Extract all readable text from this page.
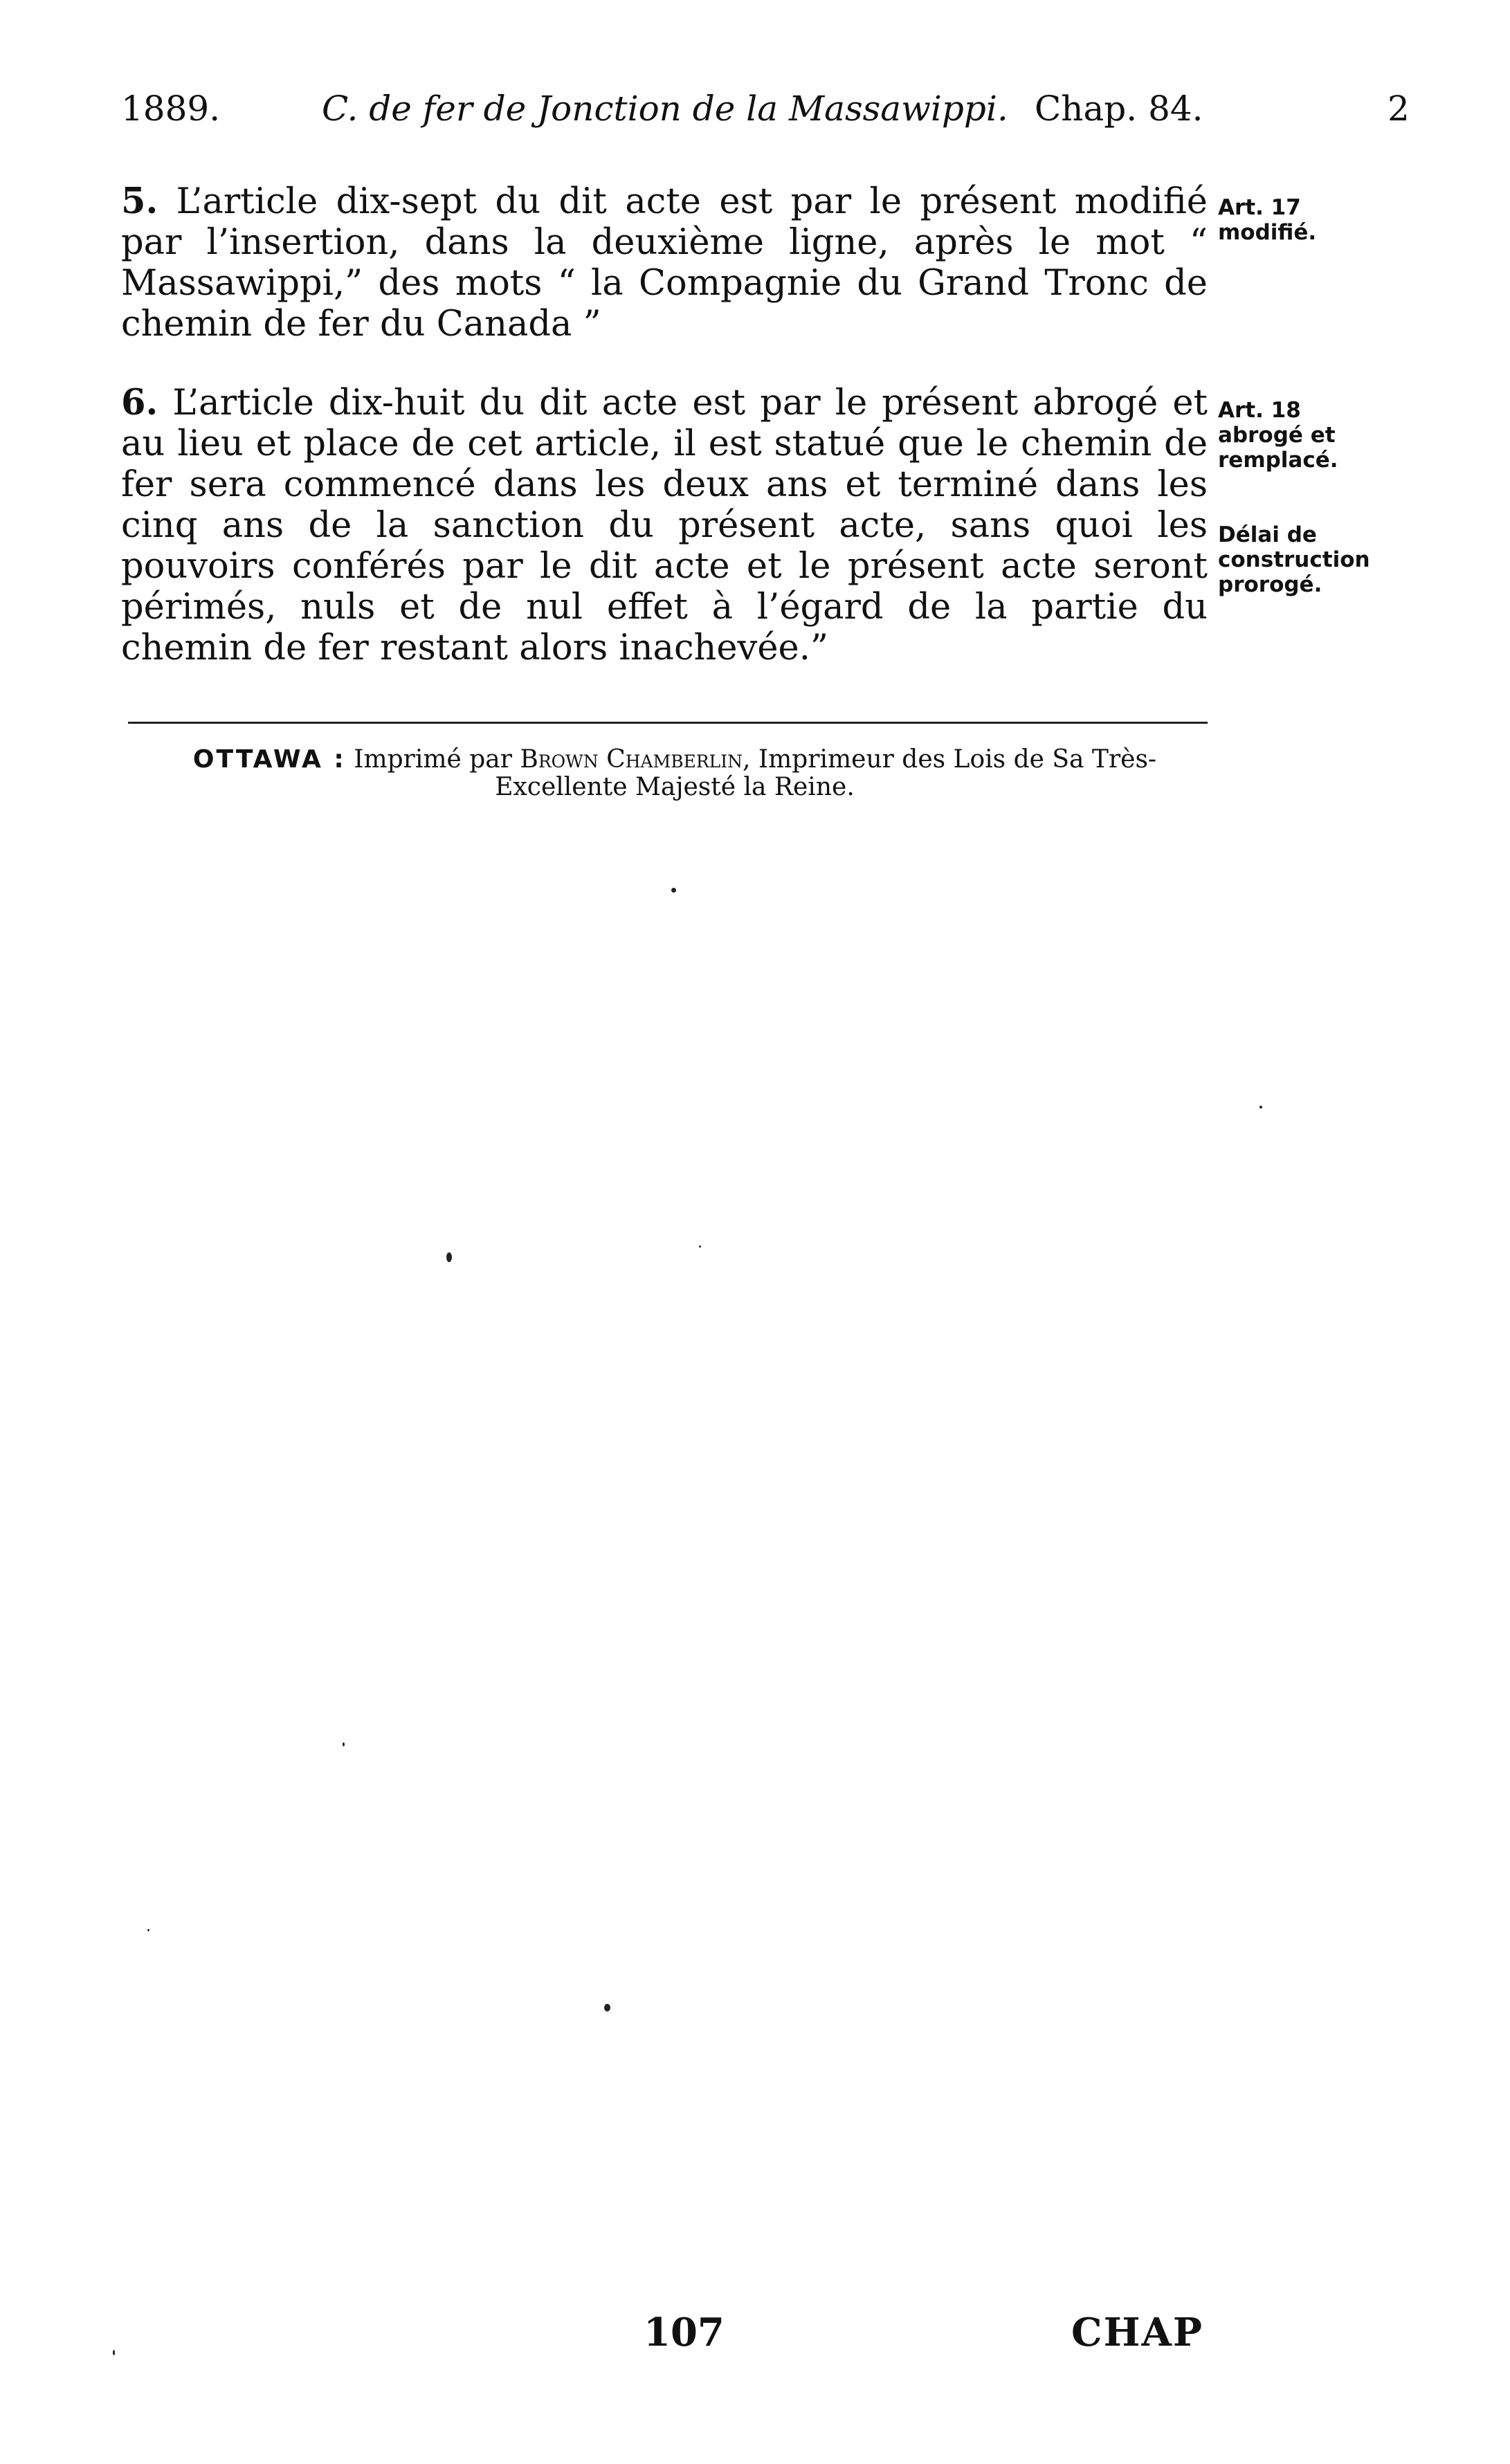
1889.	C. de fer de Jonction de la Massawippi. Chap. 84.	2
5. L’article dix-sept du dit acte est par le présent modifié par l’insertion, dans la deuxième ligne, après le mot “ Massawippi,” des mots “ la Compagnie du Grand Tronc de chemin de fer du Canada ”
Art. 17
modifié.
6. L’article dix-huit du dit acte est par le présent abrogé et au lieu et place de cet article, il est statué que le chemin de fer sera commencé dans les deux ans et terminé dans les cinq ans de la sanction du présent acte, sans quoi les pouvoirs conférés par le dit acte et le présent acte seront périmés, nuls et de nul effet à l’égard de la partie du chemin de fer restant alors inachevée.”
Art. 18
abrogé et
remplacé.
Délai de
construction
prorogé.
OTTAWA : Imprimé par Brown Chamberlin, Imprimeur des Lois de Sa Très-
Excellente Majesté la Reine.
107	CHAP
